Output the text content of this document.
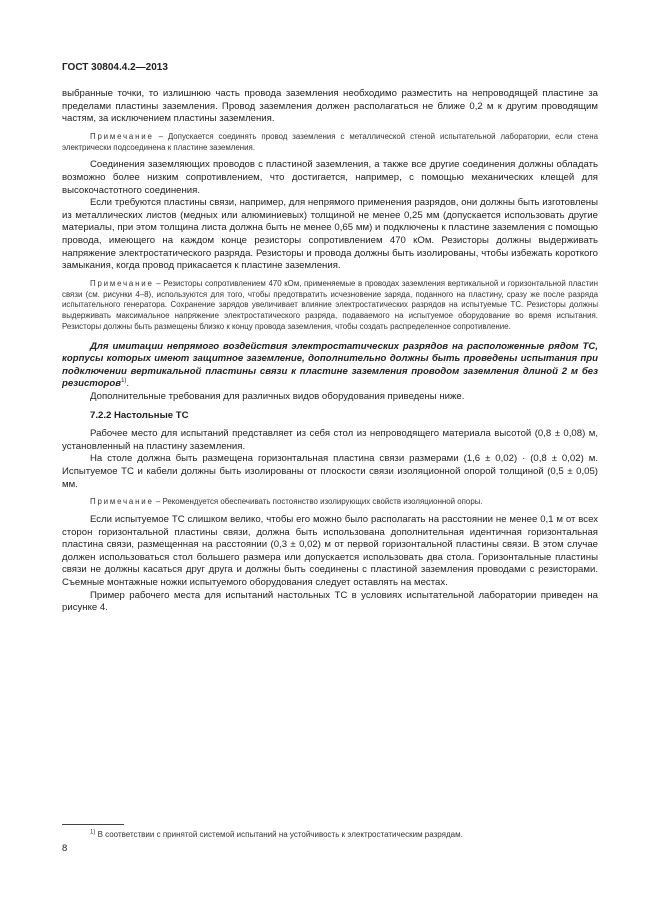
ГОСТ 30804.4.2—2013

выбранные точки, то излишнюю часть провода заземления необходимо разместить на непроводящей пластине за пределами пластины заземления. Провод заземления должен располагаться не ближе 0,2 м к другим проводящим частям, за исключением пластины заземления.

Примечание – Допускается соединять провод заземления с металлической стеной испытательной лаборатории, если стена электрически подсоединена к пластине заземления.

Соединения заземляющих проводов с пластиной заземления, а также все другие соединения должны обладать возможно более низким сопротивлением, что достигается, например, с помощью механических клещей для высокочастотного соединения.

Если требуются пластины связи, например, для непрямого применения разрядов, они должны быть изготовлены из металлических листов (медных или алюминиевых) толщиной не менее 0,25 мм (допускается использовать другие материалы, при этом толщина листа должна быть не менее 0,65 мм) и подключены к пластине заземления с помощью провода, имеющего на каждом конце резисторы сопротивлением 470 кОм. Резисторы должны выдерживать напряжение электростатического разряда. Резисторы и провода должны быть изолированы, чтобы избежать короткого замыкания, когда провод прикасается к пластине заземления.

Примечание – Резисторы сопротивлением 470 кОм, применяемые в проводах заземления вертикальной и горизонтальной пластин связи (см. рисунки 4–8), используются для того, чтобы предотвратить исчезновение заряда, поданного на пластину, сразу же после разряда испытательного генератора. Сохранение зарядов увеличивает влияние электростатических разрядов на испытуемые ТС. Резисторы должны выдерживать максимальное напряжение электростатического разряда, подаваемого на испытуемое оборудование во время испытания. Резисторы должны быть размещены близко к концу провода заземления, чтобы создать распределенное сопротивление.

Для имитации непрямого воздействия электростатических разрядов на расположенные рядом ТС, корпусы которых имеют защитное заземление, дополнительно должны быть проведены испытания при подключении вертикальной пластины связи к пластине заземления проводом заземления длиной 2 м без резисторов$^{1)}$.

Дополнительные требования для различных видов оборудования приведены ниже.

7.2.2 Настольные ТС

Рабочее место для испытаний представляет из себя стол из непроводящего материала высотой (0,8 ± 0,08) м, установленный на пластину заземления.

На столе должна быть размещена горизонтальная пластина связи размерами (1,6 ± 0,02) · (0,8 ± 0,02) м. Испытуемое ТС и кабели должны быть изолированы от плоскости связи изоляционной опорой толщиной (0,5 ± 0,05) мм.

Примечание – Рекомендуется обеспечивать постоянство изолирующих свойств изоляционной опоры.

Если испытуемое ТС слишком велико, чтобы его можно было располагать на расстоянии не менее 0,1 м от всех сторон горизонтальной пластины связи, должна быть использована дополнительная идентичная горизонтальная пластина связи, размещенная на расстоянии (0,3 ± 0,02) м от первой горизонтальной пластины связи. В этом случае должен использоваться стол большего размера или допускается использовать два стола. Горизонтальные пластины связи не должны касаться друг друга и должны быть соединены с пластиной заземления проводами с резисторами. Съемные монтажные ножки испытуемого оборудования следует оставлять на местах.

Пример рабочего места для испытаний настольных ТС в условиях испытательной лаборатории приведен на рисунке 4.

$^{1)}$ В соответствии с принятой системой испытаний на устойчивость к электростатическим разрядам.
8
